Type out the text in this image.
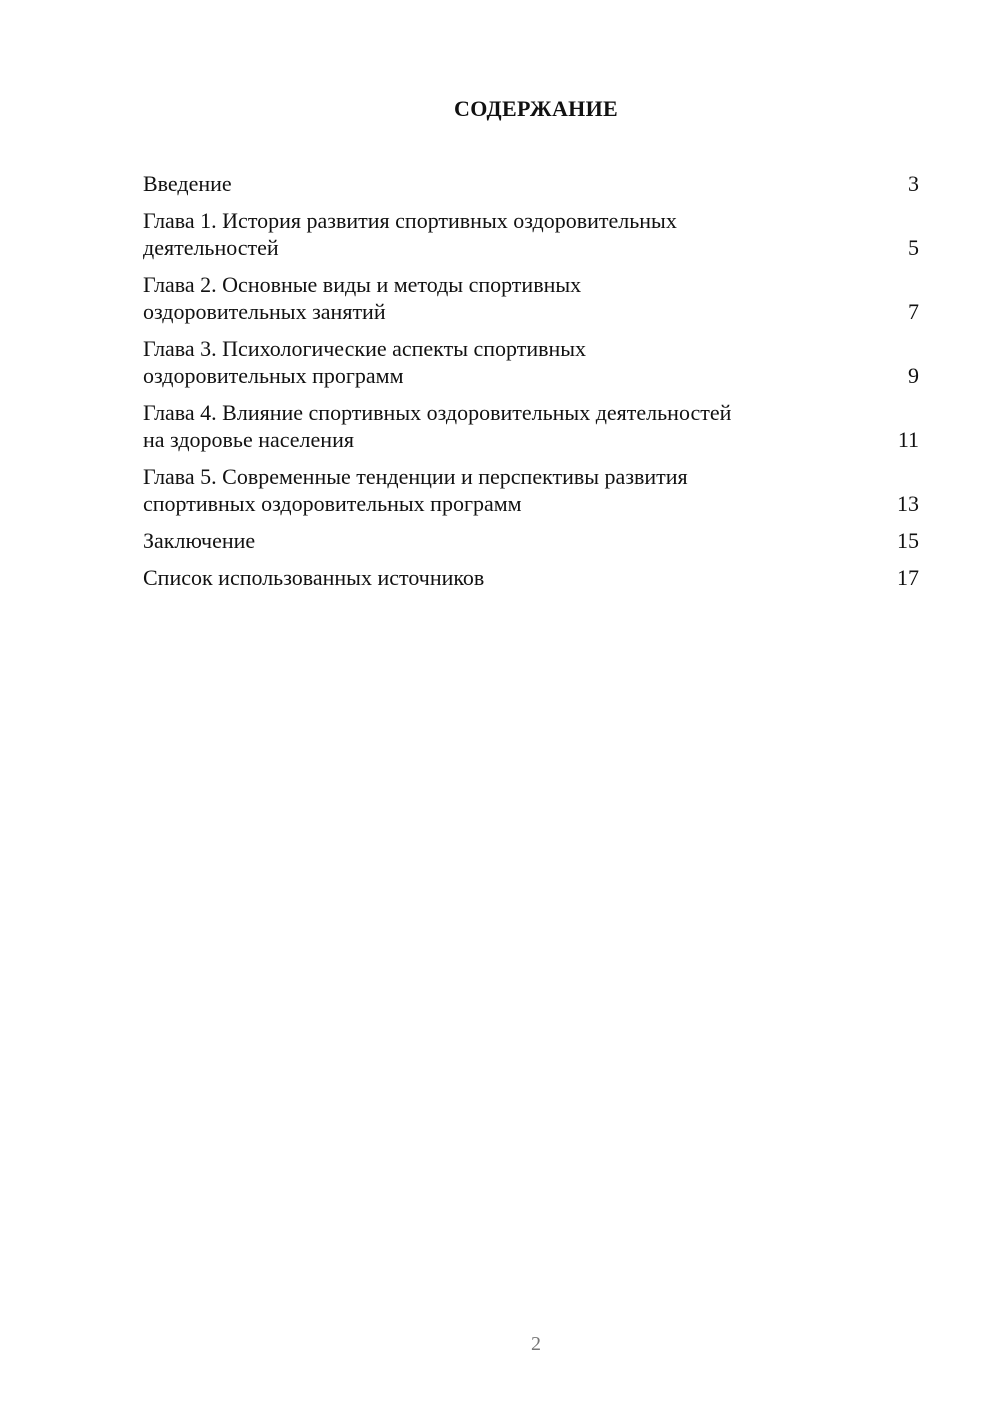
СОДЕРЖАНИЕ
Введение	3
Глава 1. История развития спортивных оздоровительных
деятельностей	5
Глава 2. Основные виды и методы спортивных
оздоровительных занятий	7
Глава 3. Психологические аспекты спортивных
оздоровительных программ	9
Глава 4. Влияние спортивных оздоровительных деятельностей
на здоровье населения	11
Глава 5. Современные тенденции и перспективы развития
спортивных оздоровительных программ	13
Заключение	15
Список использованных источников	17
2
